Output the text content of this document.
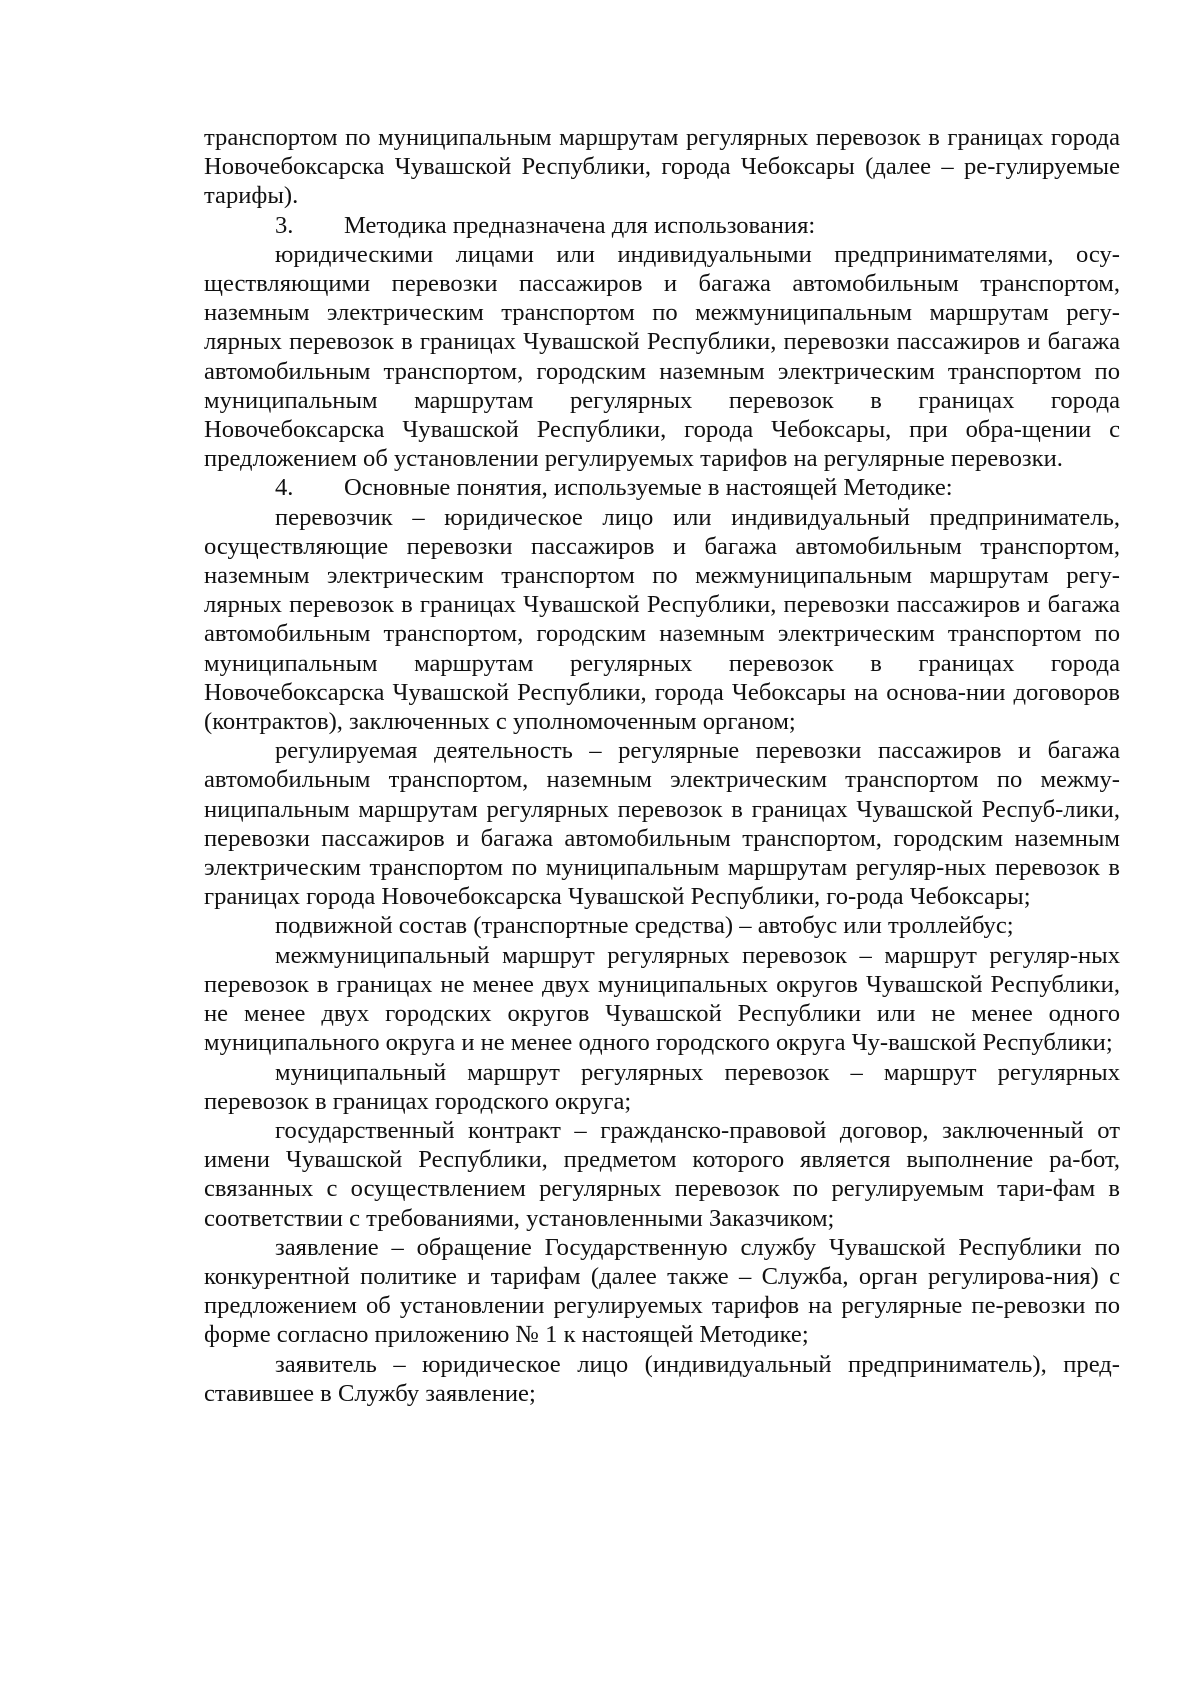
транспортом по муниципальным маршрутам регулярных перевозок в границах города Новочебоксарска Чувашской Республики, города Чебоксары (далее – ре-гулируемые тарифы).

3. Методика предназначена для использования:

юридическими лицами или индивидуальными предпринимателями, осу-ществляющими перевозки пассажиров и багажа автомобильным транспортом, наземным электрическим транспортом по межмуниципальным маршрутам регу-лярных перевозок в границах Чувашской Республики, перевозки пассажиров и багажа автомобильным транспортом, городским наземным электрическим транспортом по муниципальным маршрутам регулярных перевозок в границах города Новочебоксарска Чувашской Республики, города Чебоксары, при обра-щении с предложением об установлении регулируемых тарифов на регулярные перевозки.

4. Основные понятия, используемые в настоящей Методике:

перевозчик – юридическое лицо или индивидуальный предприниматель, осуществляющие перевозки пассажиров и багажа автомобильным транспортом, наземным электрическим транспортом по межмуниципальным маршрутам регу-лярных перевозок в границах Чувашской Республики, перевозки пассажиров и багажа автомобильным транспортом, городским наземным электрическим транспортом по муниципальным маршрутам регулярных перевозок в границах города Новочебоксарска Чувашской Республики, города Чебоксары на основа-нии договоров (контрактов), заключенных с уполномоченным органом;

регулируемая деятельность – регулярные перевозки пассажиров и багажа автомобильным транспортом, наземным электрическим транспортом по межму-ниципальным маршрутам регулярных перевозок в границах Чувашской Респуб-лики, перевозки пассажиров и багажа автомобильным транспортом, городским наземным электрическим транспортом по муниципальным маршрутам регуляр-ных перевозок в границах города Новочебоксарска Чувашской Республики, го-рода Чебоксары;

подвижной состав (транспортные средства) – автобус или троллейбус;

межмуниципальный маршрут регулярных перевозок – маршрут регуляр-ных перевозок в границах не менее двух муниципальных округов Чувашской Республики, не менее двух городских округов Чувашской Республики или не менее одного муниципального округа и не менее одного городского округа Чу-вашской Республики;

муниципальный маршрут регулярных перевозок – маршрут регулярных перевозок в границах городского округа;

государственный контракт – гражданско-правовой договор, заключенный от имени Чувашской Республики, предметом которого является выполнение ра-бот, связанных с осуществлением регулярных перевозок по регулируемым тари-фам в соответствии с требованиями, установленными Заказчиком;

заявление – обращение Государственную службу Чувашской Республики по конкурентной политике и тарифам (далее также – Служба, орган регулирова-ния) с предложением об установлении регулируемых тарифов на регулярные пе-ревозки по форме согласно приложению № 1 к настоящей Методике;

заявитель – юридическое лицо (индивидуальный предприниматель), пред-ставившее в Службу заявление;
